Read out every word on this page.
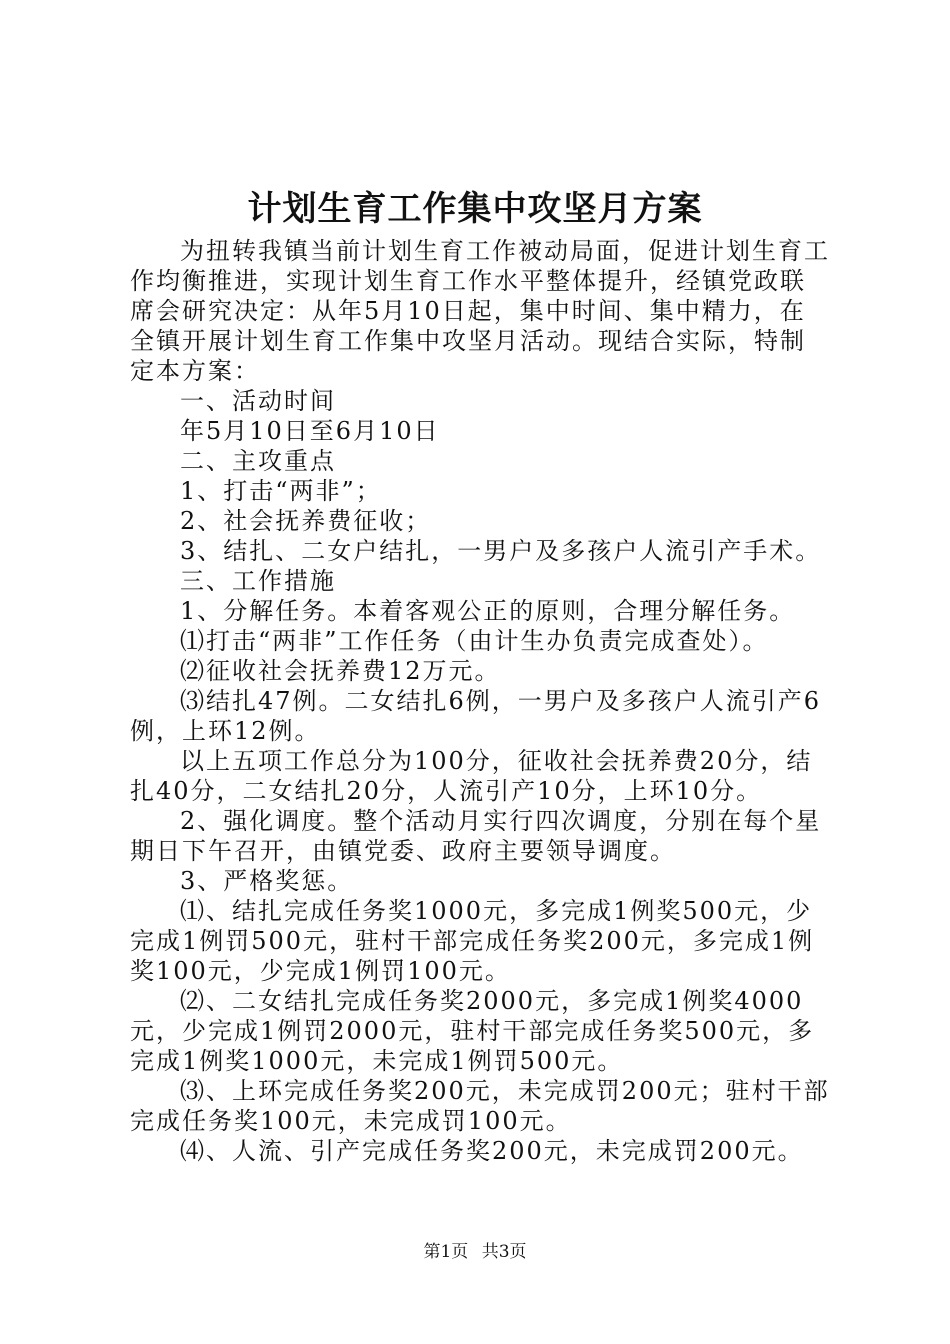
计划生育工作集中攻坚月方案

为扭转我镇当前计划生育工作被动局面，促进计划生育工作均衡推进，实现计划生育工作水平整体提升，经镇党政联席会研究决定：从年5月10日起，集中时间、集中精力，在全镇开展计划生育工作集中攻坚月活动。现结合实际，特制定本方案：

一、活动时间

年5月10日至6月10日

二、主攻重点

1、打击“两非”；

2、社会抚养费征收；

3、结扎、二女户结扎，一男户及多孩户人流引产手术。

三、工作措施

1、分解任务。本着客观公正的原则，合理分解任务。

⑴打击“两非”工作任务（由计生办负责完成查处）。

⑵征收社会抚养费12万元。

⑶结扎47例。二女结扎6例，一男户及多孩户人流引产6例，上环12例。

以上五项工作总分为100分，征收社会抚养费20分，结扎40分，二女结扎20分，人流引产10分，上环10分。

2、强化调度。整个活动月实行四次调度，分别在每个星期日下午召开，由镇党委、政府主要领导调度。

3、严格奖惩。

⑴、结扎完成任务奖1000元，多完成1例奖500元，少完成1例罚500元，驻村干部完成任务奖200元，多完成1例奖100元，少完成1例罚100元。

⑵、二女结扎完成任务奖2000元，多完成1例奖4000元，少完成1例罚2000元，驻村干部完成任务奖500元，多完成1例奖1000元，未完成1例罚500元。

⑶、上环完成任务奖200元，未完成罚200元；驻村干部完成任务奖100元，未完成罚100元。

⑷、人流、引产完成任务奖200元，未完成罚200元。

第1页 共3页
